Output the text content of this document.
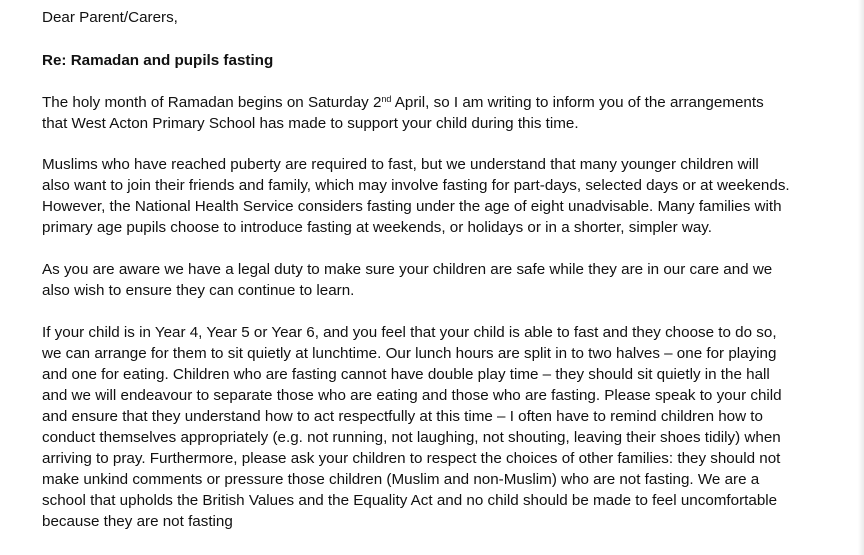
Dear Parent/Carers,

Re: Ramadan and pupils fasting

The holy month of Ramadan begins on Saturday 2nd April, so I am writing to inform you of the arrangements

that West Acton Primary School has made to support your child during this time.

Muslims who have reached puberty are required to fast, but we understand that many younger children will

also want to join their friends and family, which may involve fasting for part-days, selected days or at weekends.

However, the National Health Service considers fasting under the age of eight unadvisable. Many families with

primary age pupils choose to introduce fasting at weekends, or holidays or in a shorter, simpler way.

As you are aware we have a legal duty to make sure your children are safe while they are in our care and we

also wish to ensure they can continue to learn.

If your child is in Year 4, Year 5 or Year 6, and you feel that your child is able to fast and they choose to do so,

we can arrange for them to sit quietly at lunchtime. Our lunch hours are split in to two halves – one for playing

and one for eating. Children who are fasting cannot have double play time – they should sit quietly in the hall

and we will endeavour to separate those who are eating and those who are fasting. Please speak to your child

and ensure that they understand how to act respectfully at this time – I often have to remind children how to

conduct themselves appropriately (e.g. not running, not laughing, not shouting, leaving their shoes tidily) when

arriving to pray. Furthermore, please ask your children to respect the choices of other families: they should not

make unkind comments or pressure those children (Muslim and non-Muslim) who are not fasting. We are a

school that upholds the British Values and the Equality Act and no child should be made to feel uncomfortable

because they are not fasting
